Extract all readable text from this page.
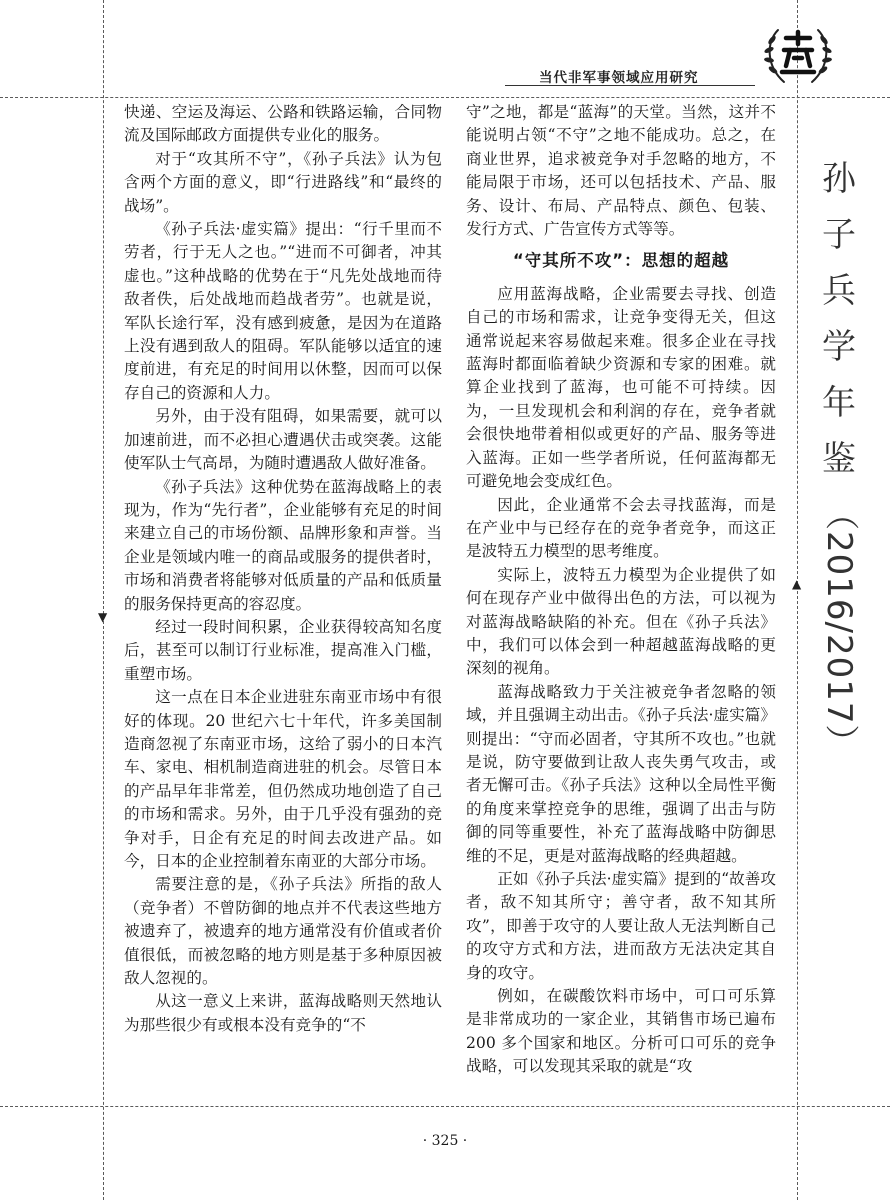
▼
▲
当代非军事领域应用研究

快递、空运及海运、公路和铁路运输，合同物流及国际邮政方面提供专业化的服务。

对于“攻其所不守”，《孙子兵法》认为包含两个方面的意义，即“行进路线”和“最终的战场”。

《孙子兵法·虚实篇》提出：“行千里而不劳者，行于无人之也。”“进而不可御者，冲其虚也。”这种战略的优势在于“凡先处战地而待敌者佚，后处战地而趋战者劳”。也就是说，军队长途行军，没有感到疲惫，是因为在道路上没有遇到敌人的阻碍。军队能够以适宜的速度前进，有充足的时间用以休整，因而可以保存自己的资源和人力。

另外，由于没有阻碍，如果需要，就可以加速前进，而不必担心遭遇伏击或突袭。这能使军队士气高昂，为随时遭遇敌人做好准备。

《孙子兵法》这种优势在蓝海战略上的表现为，作为“先行者”，企业能够有充足的时间来建立自己的市场份额、品牌形象和声誉。当企业是领域内唯一的商品或服务的提供者时，市场和消费者将能够对低质量的产品和低质量的服务保持更高的容忍度。

经过一段时间积累，企业获得较高知名度后，甚至可以制订行业标准，提高准入门槛，重塑市场。

这一点在日本企业进驻东南亚市场中有很好的体现。20 世纪六七十年代，许多美国制造商忽视了东南亚市场，这给了弱小的日本汽车、家电、相机制造商进驻的机会。尽管日本的产品早年非常差，但仍然成功地创造了自己的市场和需求。另外，由于几乎没有强劲的竞争对手，日企有充足的时间去改进产品。如今，日本的企业控制着东南亚的大部分市场。

需要注意的是，《孙子兵法》所指的敌人（竞争者）不曾防御的地点并不代表这些地方被遗弃了，被遗弃的地方通常没有价值或者价值很低，而被忽略的地方则是基于多种原因被敌人忽视的。

从这一意义上来讲，蓝海战略则天然地认为那些很少有或根本没有竞争的“不

守”之地，都是“蓝海”的天堂。当然，这并不能说明占领“不守”之地不能成功。总之，在商业世界，追求被竞争对手忽略的地方，不能局限于市场，还可以包括技术、产品、服务、设计、布局、产品特点、颜色、包装、发行方式、广告宣传方式等等。

“守其所不攻”：思想的超越

应用蓝海战略，企业需要去寻找、创造自己的市场和需求，让竞争变得无关，但这通常说起来容易做起来难。很多企业在寻找蓝海时都面临着缺少资源和专家的困难。就算企业找到了蓝海，也可能不可持续。因为，一旦发现机会和利润的存在，竞争者就会很快地带着相似或更好的产品、服务等进入蓝海。正如一些学者所说，任何蓝海都无可避免地会变成红色。

因此，企业通常不会去寻找蓝海，而是在产业中与已经存在的竞争者竞争，而这正是波特五力模型的思考维度。

实际上，波特五力模型为企业提供了如何在现存产业中做得出色的方法，可以视为对蓝海战略缺陷的补充。但在《孙子兵法》中，我们可以体会到一种超越蓝海战略的更深刻的视角。

蓝海战略致力于关注被竞争者忽略的领域，并且强调主动出击。《孙子兵法·虚实篇》则提出：“守而必固者，守其所不攻也。”也就是说，防守要做到让敌人丧失勇气攻击，或者无懈可击。《孙子兵法》这种以全局性平衡的角度来掌控竞争的思维，强调了出击与防御的同等重要性，补充了蓝海战略中防御思维的不足，更是对蓝海战略的经典超越。

正如《孙子兵法·虚实篇》提到的“故善攻者，敌不知其所守；善守者，敌不知其所攻”，即善于攻守的人要让敌人无法判断自己的攻守方式和方法，进而敌方无法决定其自身的攻守。

例如，在碳酸饮料市场中，可口可乐算是非常成功的一家企业，其销售市场已遍布 200 多个国家和地区。分析可口可乐的竞争战略，可以发现其采取的就是“攻

孙
子
兵
学
年
鉴
（2016/2017）
· 325 ·
